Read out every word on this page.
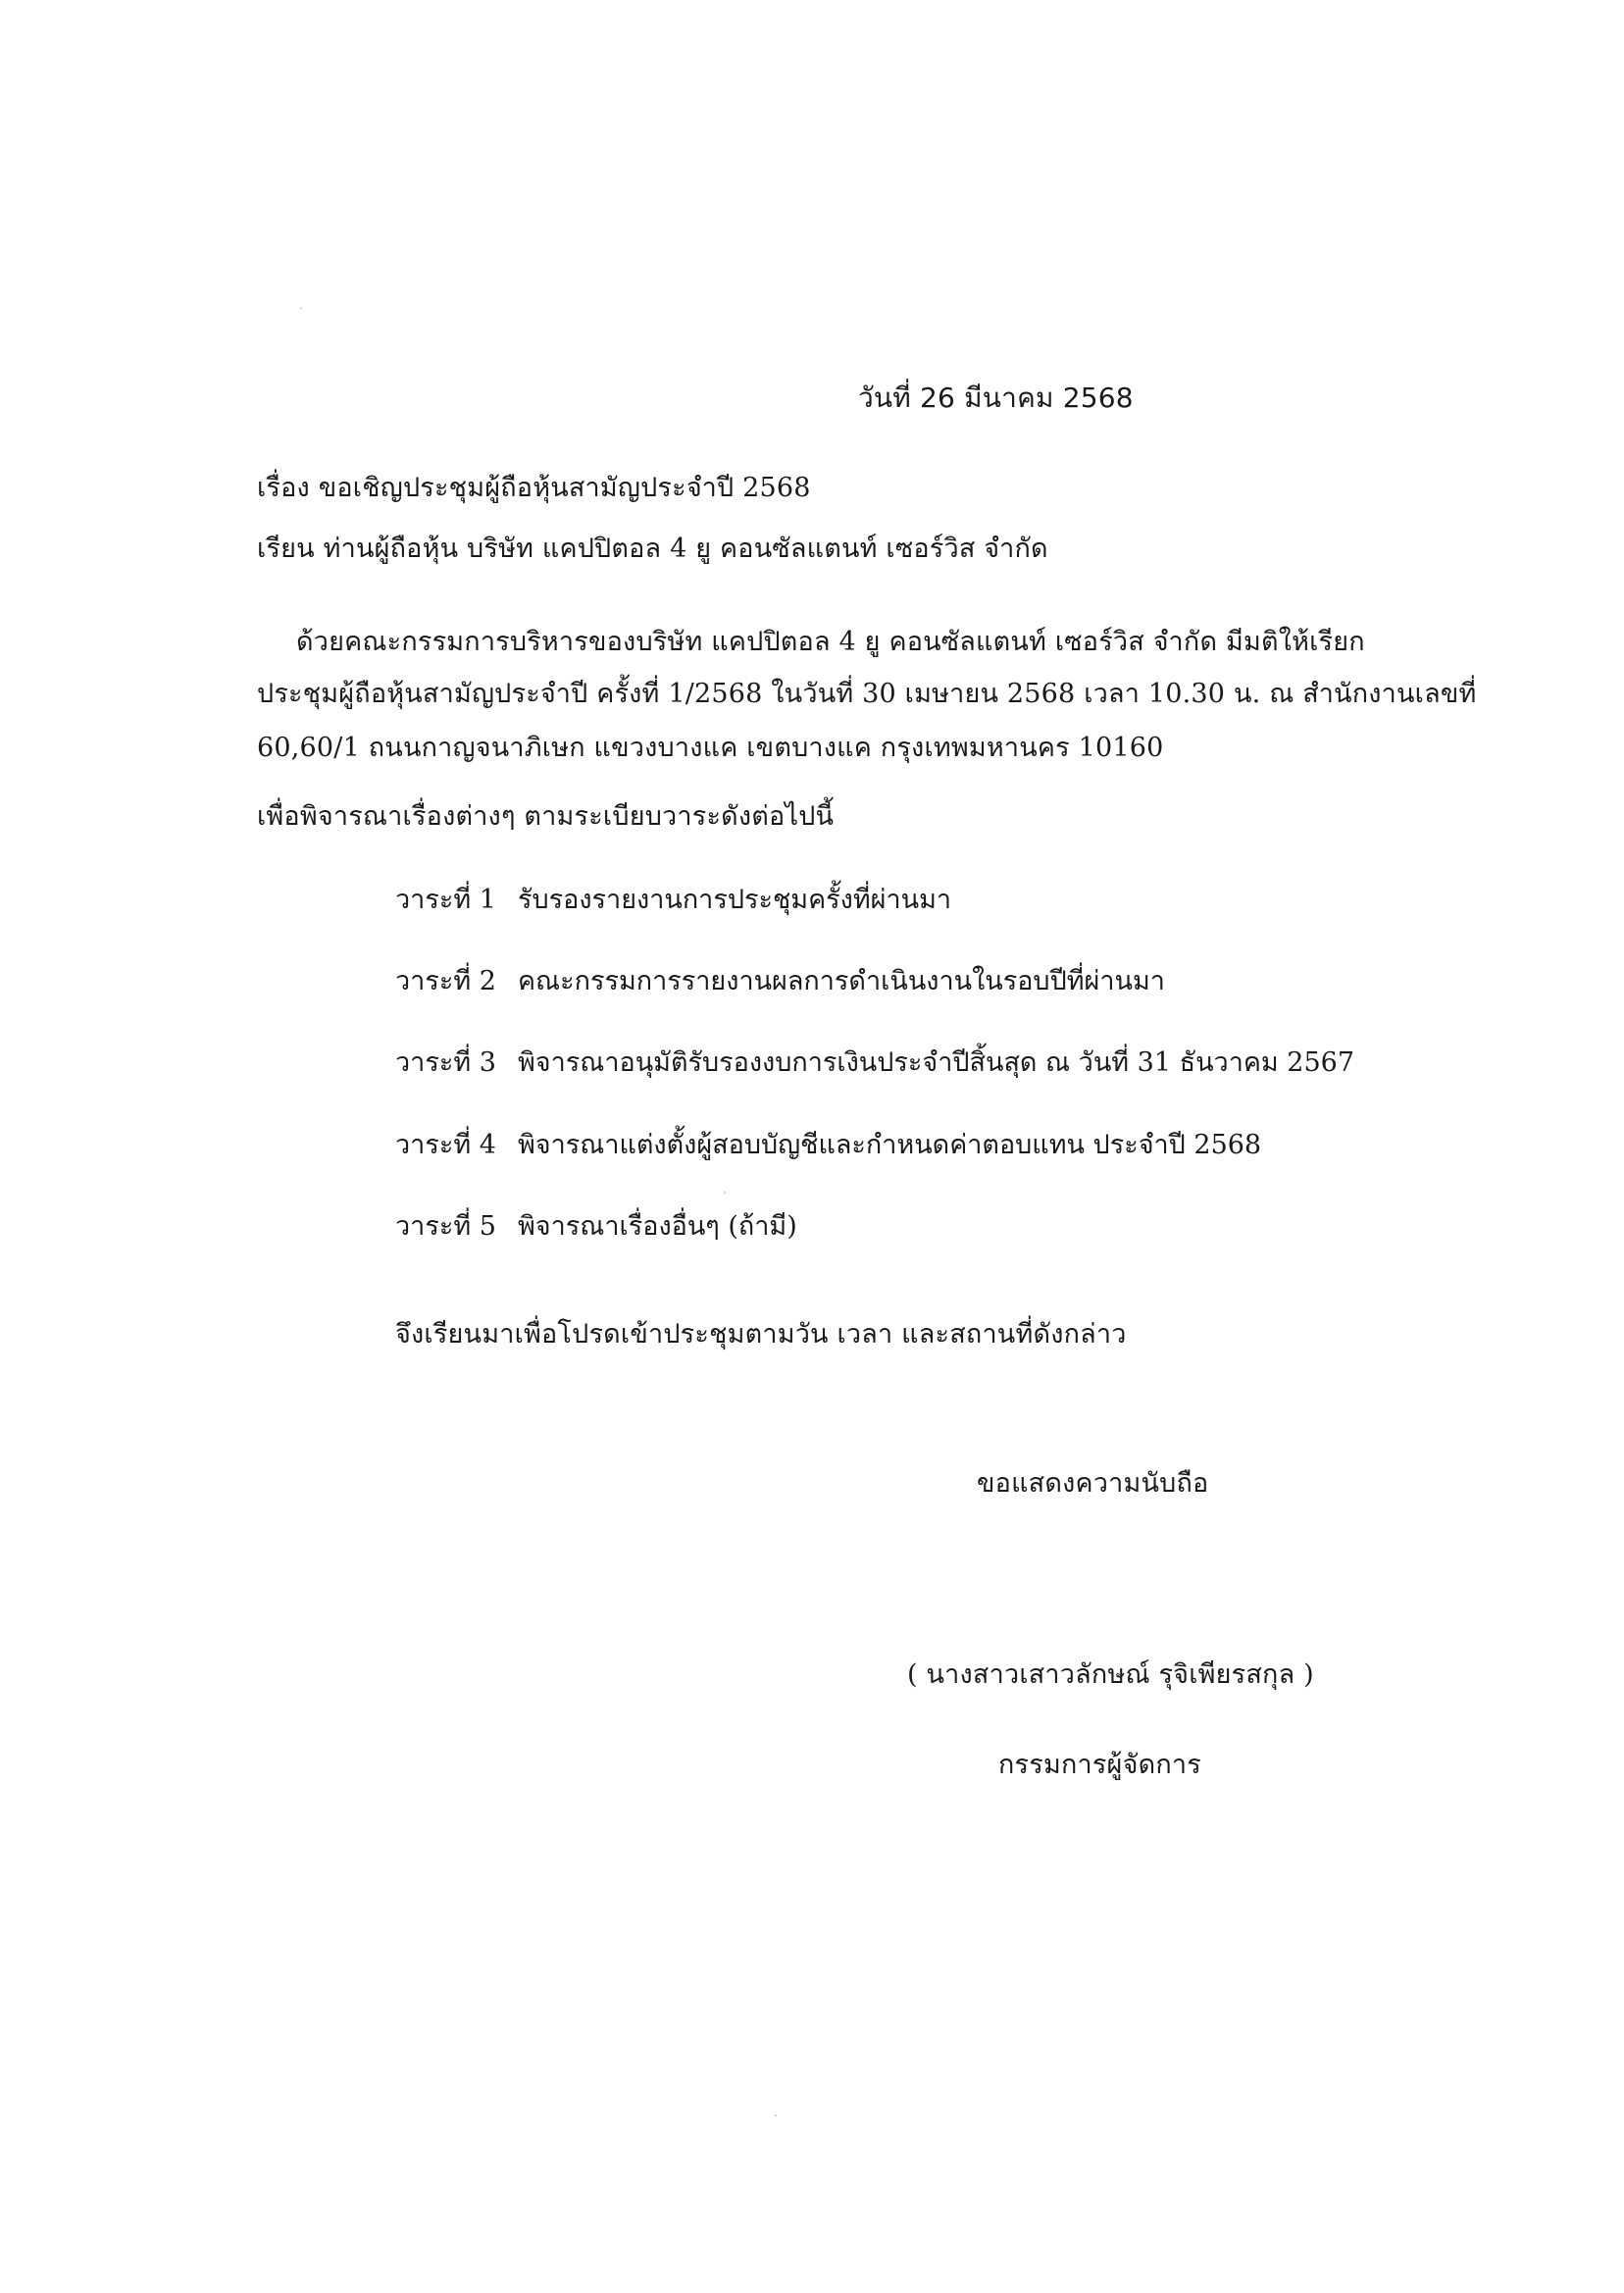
วันที่ 26 มีนาคม 2568
เรื่อง ขอเชิญประชุมผู้ถือหุ้นสามัญประจำปี 2568
เรียน ท่านผู้ถือหุ้น บริษัท แคปปิตอล 4 ยู คอนซัลแตนท์ เซอร์วิส จำกัด
ด้วยคณะกรรมการบริหารของบริษัท แคปปิตอล 4 ยู คอนซัลแตนท์ เซอร์วิส จำกัด มีมติให้เรียก
ประชุมผู้ถือหุ้นสามัญประจำปี ครั้งที่ 1/2568 ในวันที่ 30 เมษายน 2568 เวลา 10.30 น. ณ สำนักงานเลขที่
60,60/1 ถนนกาญจนาภิเษก แขวงบางแค เขตบางแค กรุงเทพมหานคร 10160
เพื่อพิจารณาเรื่องต่างๆ ตามระเบียบวาระดังต่อไปนี้
วาระที่ 1 รับรองรายงานการประชุมครั้งที่ผ่านมา
วาระที่ 2 คณะกรรมการรายงานผลการดำเนินงานในรอบปีที่ผ่านมา
วาระที่ 3 พิจารณาอนุมัติรับรองงบการเงินประจำปีสิ้นสุด ณ วันที่ 31 ธันวาคม 2567
วาระที่ 4 พิจารณาแต่งตั้งผู้สอบบัญชีและกำหนดค่าตอบแทน ประจำปี 2568
วาระที่ 5 พิจารณาเรื่องอื่นๆ (ถ้ามี)
จึงเรียนมาเพื่อโปรดเข้าประชุมตามวัน เวลา และสถานที่ดังกล่าว
ขอแสดงความนับถือ
( นางสาวเสาวลักษณ์ รุจิเพียรสกุล )
กรรมการผู้จัดการ
